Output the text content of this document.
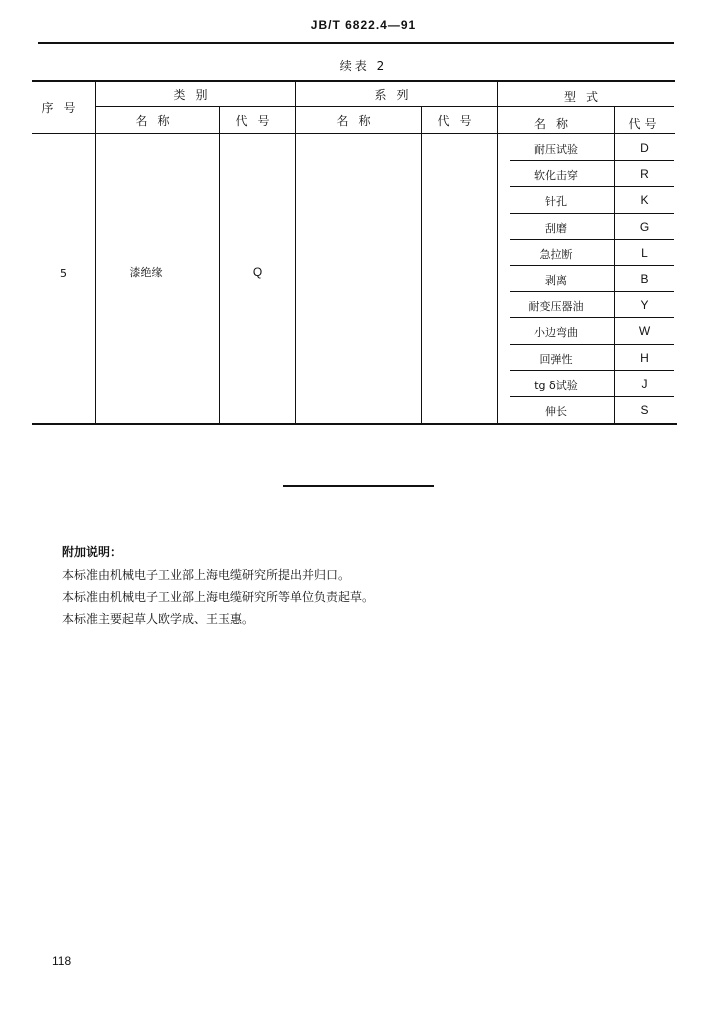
JB/T 6822.4—91
续表 2
序号
类别	系列	型式
名称	代号	名称	代号	名称	代号
5	漆绝缘	Q
耐压试验	D
软化击穿	R
针孔	K
刮磨	G
急拉断	L
剥离	B
耐变压器油	Y
小边弯曲	W
回弹性	H
tg δ试验	J
伸长	S
附加说明：
本标准由机械电子工业部上海电缆研究所提出并归口。
本标准由机械电子工业部上海电缆研究所等单位负责起草。
本标准主要起草人欧学成、王玉惠。
118
